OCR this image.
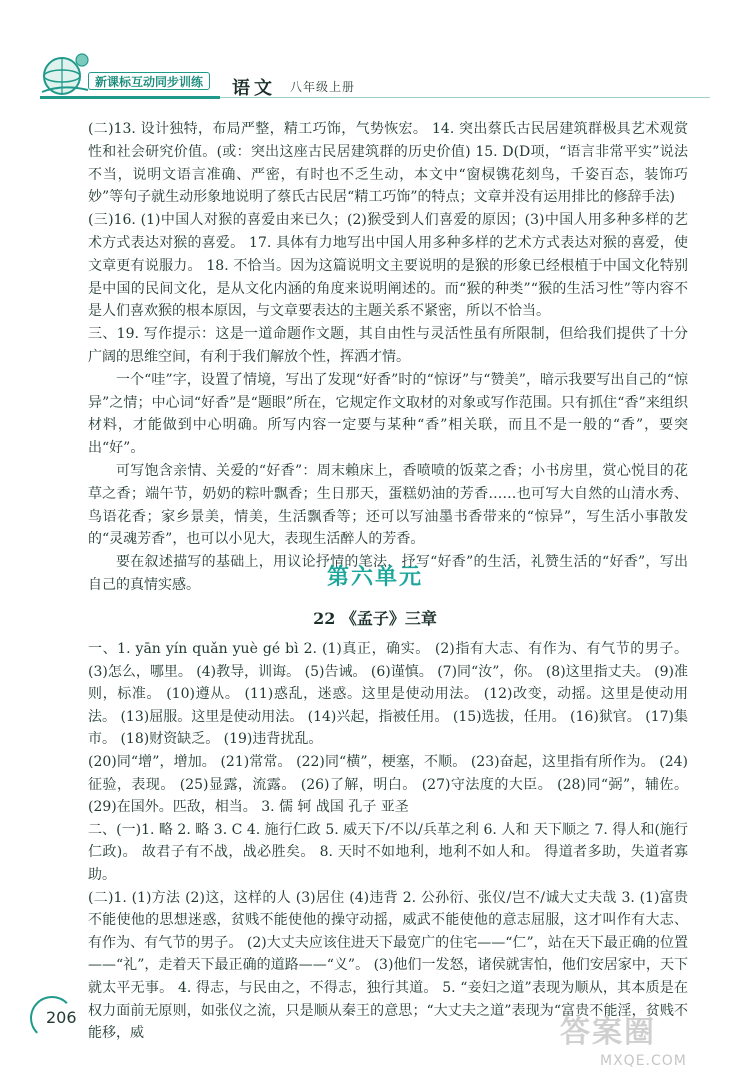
新课标互动同步训练	语文 八年级上册

(二)13. 设计独特，布局严整，精工巧饰，气势恢宏。 14. 突出蔡氏古民居建筑群极具艺术观赏性和社会研究价值。(或：突出这座古民居建筑群的历史价值) 15. D(D项，“语言非常平实”说法不当，说明文语言准确、严密，有时也不乏生动，本文中“窗棂镌花刻鸟，千姿百态，装饰巧妙”等句子就生动形象地说明了蔡氏古民居“精工巧饰”的特点；文章并没有运用排比的修辞手法)

(三)16. (1)中国人对猴的喜爱由来已久；(2)猴受到人们喜爱的原因；(3)中国人用多种多样的艺术方式表达对猴的喜爱。 17. 具体有力地写出中国人用多种多样的艺术方式表达对猴的喜爱，使文章更有说服力。 18. 不恰当。因为这篇说明文主要说明的是猴的形象已经根植于中国文化特别是中国的民间文化，是从文化内涵的角度来说明阐述的。而“猴的种类”“猴的生活习性”等内容不是人们喜欢猴的根本原因，与文章要表达的主题关系不紧密，所以不恰当。

三、19. 写作提示：这是一道命题作文题，其自由性与灵活性虽有所限制，但给我们提供了十分广阔的思维空间，有利于我们解放个性，挥洒才情。

一个“哇”字，设置了情境，写出了发现“好香”时的“惊讶”与“赞美”，暗示我要写出自己的“惊异”之情；中心词“好香”是“题眼”所在，它规定作文取材的对象或写作范围。只有抓住“香”来组织材料，才能做到中心明确。所写内容一定要与某种“香”相关联，而且不是一般的“香”，要突出“好”。

可写饱含亲情、关爱的“好香”：周末賴床上，香喷喷的饭菜之香；小书房里，赏心悦目的花草之香；端午节，奶奶的粽叶飘香；生日那天，蛋糕奶油的芳香……也可写大自然的山清水秀、鸟语花香；家乡景美，情美，生活飘香等；还可以写油墨书香带来的“惊异”，写生活小事散发的“灵魂芳香”，也可以小见大，表现生活醉人的芳香。

要在叙述描写的基础上，用议论抒情的笔法，抒写“好香”的生活，礼赞生活的“好香”，写出自己的真情实感。	第六单元
22 《孟子》三章

一、1. yān yín quǎn yuè gé bì 2. (1)真正，确实。 (2)指有大志、有作为、有气节的男子。 (3)怎么，哪里。 (4)教导，训诲。 (5)告诫。 (6)谨慎。 (7)同“汝”，你。 (8)这里指丈夫。 (9)准则，标准。 (10)遵从。 (11)惑乱，迷惑。这里是使动用法。 (12)改变，动摇。这里是使动用法。 (13)屈服。这里是使动用法。 (14)兴起，指被任用。 (15)选拔，任用。 (16)狱官。 (17)集市。 (18)财资缺乏。 (19)违背扰乱。

(20)同“增”，增加。 (21)常常。 (22)同“横”，梗塞，不顺。 (23)奋起，这里指有所作为。 (24)征验，表现。 (25)显露，流露。 (26)了解，明白。 (27)守法度的大臣。 (28)同“弼”，辅佐。 (29)在国外。匹敌，相当。 3. 儒 轲 战国 孔子 亚圣

二、(一)1. 略 2. 略 3. C 4. 施行仁政 5. 威天下/不以/兵革之利 6. 人和 天下顺之 7. 得人和(施行仁政)。 故君子有不战，战必胜矣。 8. 天时不如地利，地利不如人和。 得道者多助，失道者寡助。

(二)1. (1)方法 (2)这，这样的人 (3)居住 (4)违背 2. 公孙衍、张仪/岂不/诚大丈夫哉 3. (1)富贵不能使他的思想迷惑，贫贱不能使他的操守动摇，威武不能使他的意志屈服，这才叫作有大志、有作为、有气节的男子。 (2)大丈夫应该住进天下最宽广的住宅——“仁”，站在天下最正确的位置——“礼”，走着天下最正确的道路——“义”。 (3)他们一发怒，诸侯就害怕，他们安居家中，天下就太平无事。 4. 得志，与民由之，不得志，独行其道。 5. “妾妇之道”表现为顺从，其本质是在权力面前无原则，如张仪之流，只是顺从秦王的意思；“大丈夫之道”表现为“富贵不能淫，贫贱不能移，威

206	答案圈
MXQE.COM
